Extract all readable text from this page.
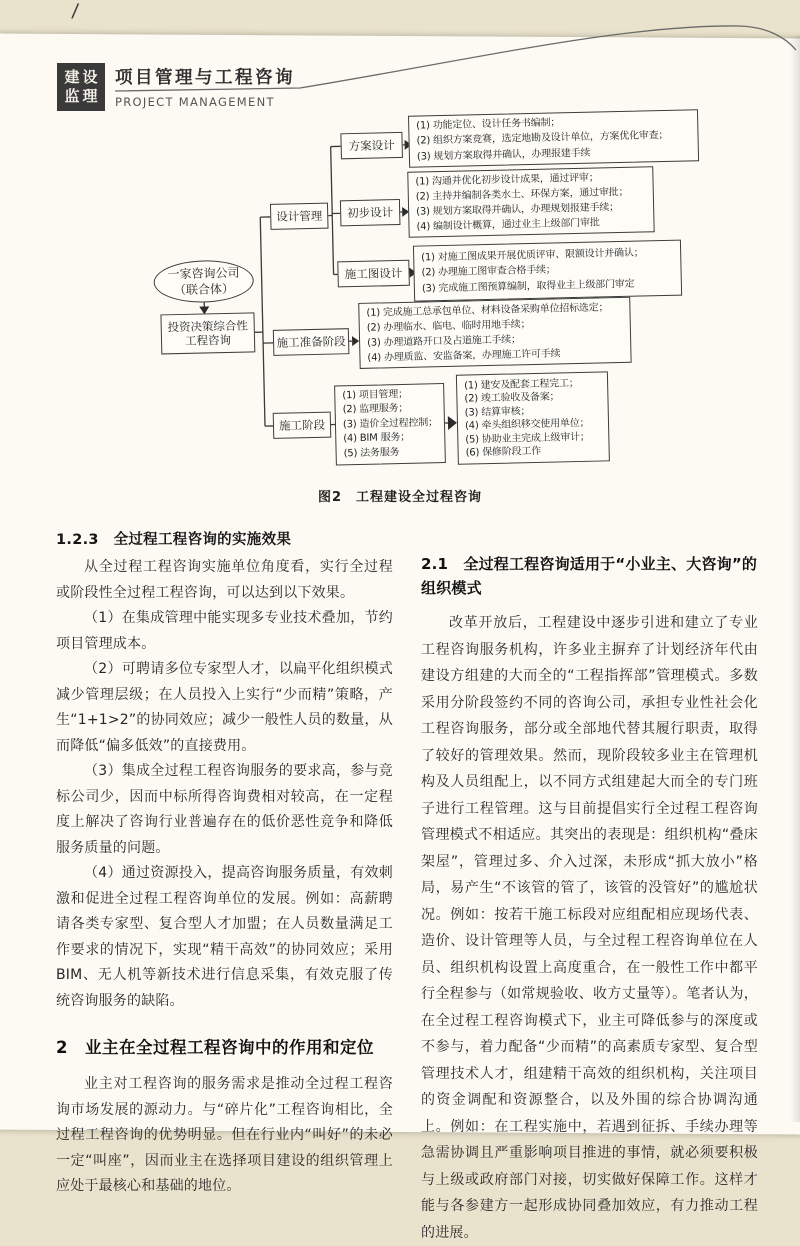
/
建设
监理
项目管理与工程咨询
PROJECT MANAGEMENT
一家咨询公司
（联合体）
投资决策综合性
工程咨询
设计管理
方案设计
(1) 功能定位、设计任务书编制；
(2) 组织方案竞赛，选定地勘及设计单位，方案优化审查；
(3) 规划方案取得并确认，办理报建手续
初步设计
(1) 沟通并优化初步设计成果，通过评审；
(2) 主持并编制各类水土、环保方案，通过审批；
(3) 规划方案取得并确认，办理规划报建手续；
(4) 编制设计概算，通过业主上级部门审批
施工图设计
(1) 对施工图成果开展优质评审、限额设计并确认；
(2) 办理施工图审查合格手续；
(3) 完成施工图预算编制，取得业主上级部门审定
施工准备阶段
(1) 完成施工总承包单位、材料设备采购单位招标选定；
(2) 办理临水、临电、临时用地手续；
(3) 办理道路开口及占道施工手续；
(4) 办理质监、安监备案，办理施工许可手续
施工阶段
(1) 项目管理；
(2) 监理服务；
(3) 造价全过程控制；
(4) BIM 服务；
(5) 法务服务
(1) 建安及配套工程完工；
(2) 竣工验收及备案；
(3) 结算审核；
(4) 牵头组织移交使用单位；
(5) 协助业主完成上级审计；
(6) 保修阶段工作
图2　工程建设全过程咨询
1.2.3　全过程工程咨询的实施效果

从全过程工程咨询实施单位角度看，实行全过程或阶段性全过程工程咨询，可以达到以下效果。

（1）在集成管理中能实现多专业技术叠加，节约项目管理成本。

（2）可聘请多位专家型人才，以扁平化组织模式减少管理层级；在人员投入上实行“少而精”策略，产生“1+1>2”的协同效应；减少一般性人员的数量，从而降低“偏多低效”的直接费用。

（3）集成全过程工程咨询服务的要求高，参与竞标公司少，因而中标所得咨询费相对较高，在一定程度上解决了咨询行业普遍存在的低价恶性竞争和降低服务质量的问题。

（4）通过资源投入，提高咨询服务质量，有效刺激和促进全过程工程咨询单位的发展。例如：高薪聘请各类专家型、复合型人才加盟；在人员数量满足工作要求的情况下，实现“精干高效”的协同效应；采用 BIM、无人机等新技术进行信息采集，有效克服了传统咨询服务的缺陷。

2　业主在全过程工程咨询中的作用和定位

业主对工程咨询的服务需求是推动全过程工程咨询市场发展的源动力。与“碎片化”工程咨询相比，全过程工程咨询的优势明显。但在行业内“叫好”的未必一定“叫座”，因而业主在选择项目建设的组织管理上应处于最核心和基础的地位。

2.1　全过程工程咨询适用于“小业主、大咨询”的组织模式

改革开放后，工程建设中逐步引进和建立了专业工程咨询服务机构，许多业主摒弃了计划经济年代由建设方组建的大而全的“工程指挥部”管理模式。多数采用分阶段签约不同的咨询公司，承担专业性社会化工程咨询服务，部分或全部地代替其履行职责，取得了较好的管理效果。然而，现阶段较多业主在管理机构及人员组配上，以不同方式组建起大而全的专门班子进行工程管理。这与目前提倡实行全过程工程咨询管理模式不相适应。其突出的表现是：组织机构“叠床架屋”，管理过多、介入过深，未形成“抓大放小”格局，易产生“不该管的管了，该管的没管好”的尴尬状况。例如：按若干施工标段对应组配相应现场代表、造价、设计管理等人员，与全过程工程咨询单位在人员、组织机构设置上高度重合，在一般性工作中都平行全程参与（如常规验收、收方丈量等）。笔者认为，在全过程工程咨询模式下，业主可降低参与的深度或不参与，着力配备“少而精”的高素质专家型、复合型管理技术人才，组建精干高效的组织机构，关注项目的资金调配和资源整合，以及外围的综合协调沟通上。例如：在工程实施中，若遇到征拆、手续办理等急需协调且严重影响项目推进的事情，就必须要积极与上级或政府部门对接，切实做好保障工作。这样才能与各参建方一起形成协同叠加效应，有力推动工程的进展。
